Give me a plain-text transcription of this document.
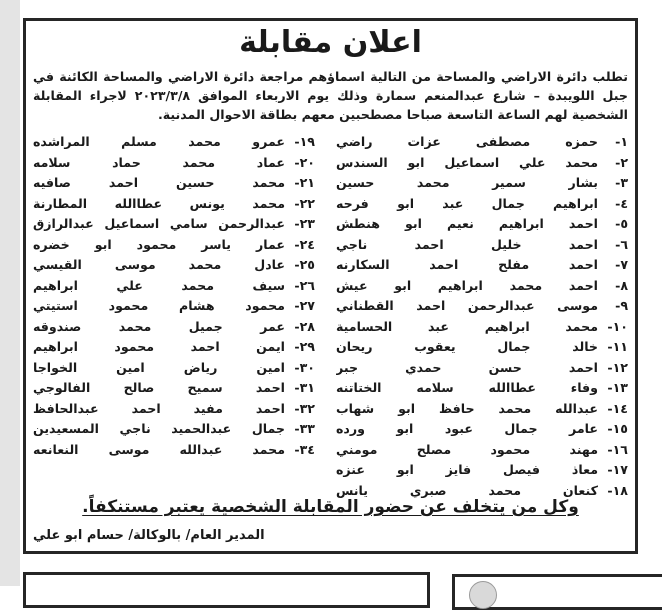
اعلان مقابلة
تطلب دائرة الاراضي والمساحة من التالية اسماؤهم مراجعة دائرة الاراضي والمساحة الكائنة في جبل اللويبدة – شارع عبدالمنعم سمارة وذلك يوم الاربعاء الموافق ٢٠٢٣/٣/٨ لاجراء المقابلة الشخصية لهم الساعة التاسعة صباحا مصطحبين معهم بطاقة الاحوال المدنية.
١-
حمزه مصطفى عزات راضي
٢-
محمد علي اسماعيل ابو السندس
٣-
بشار سمير محمد حسين
٤-
ابراهيم جمال عبد ابو فرحه
٥-
احمد ابراهيم نعيم ابو هنطش
٦-
احمد خليل احمد ناجي
٧-
احمد مفلح احمد السكارنه
٨-
احمد محمد ابراهيم ابو عيش
٩-
موسى عبدالرحمن احمد القطناني
١٠-
محمد ابراهيم عبد الحسامية
١١-
خالد جمال يعقوب ريحان
١٢-
احمد حسن حمدي جبر
١٣-
وفاء عطاالله سلامه الختاتنه
١٤-
عبدالله محمد حافظ ابو شهاب
١٥-
عامر جمال عبود ابو ورده
١٦-
مهند محمود مصلح مومني
١٧-
معاذ فيصل فايز ابو عنزه
١٨-
كنعان محمد صبري يانس
١٩-
عمرو محمد مسلم المراشده
٢٠-
عماد محمد حماد سلامه
٢١-
محمد حسين احمد صافيه
٢٢-
محمد يونس عطاالله المطارنة
٢٣-
عبدالرحمن سامي اسماعيل عبدالرازق
٢٤-
عمار ياسر محمود ابو خضره
٢٥-
عادل محمد موسى القيسي
٢٦-
سيف محمد علي ابراهيم
٢٧-
محمود هشام محمود استيتي
٢٨-
عمر جميل محمد صندوقه
٢٩-
ايمن احمد محمود ابراهيم
٣٠-
امين رياض امين الخواجا
٣١-
احمد سميح صالح الفالوجي
٣٢-
احمد مفيد احمد عبدالحافظ
٣٣-
جمال عبدالحميد ناجي المسعيدين
٣٤-
محمد عبدالله موسى النعانعه
وكل من يتخلف عن حضور المقابلة الشخصية يعتبر مستنكفاً.
المدير العام/ بالوكالة/ حسام ابو علي
